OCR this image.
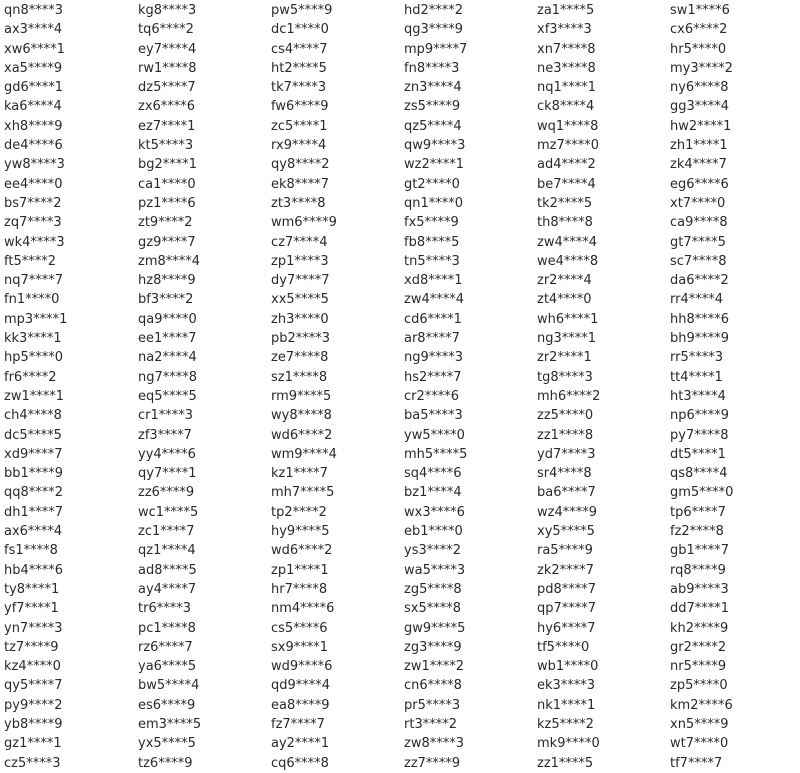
qn8****3
ax3****4
xw6****1
xa5****9
gd6****1
ka6****4
xh8****9
de4****6
yw8****3
ee4****0
bs7****2
zq7****3
wk4****3
ft5****2
nq7****7
fn1****0
mp3****1
kk3****1
hp5****0
fr6****2
zw1****1
ch4****8
dc5****5
xd9****7
bb1****9
qq8****2
dh1****7
ax6****4
fs1****8
hb4****6
ty8****1
yf7****1
yn7****3
tz7****9
kz4****0
qy5****7
py9****2
yb8****9
gz1****1
cz5****3
kg8****3
tq6****2
ey7****4
rw1****8
dz5****7
zx6****6
ez7****1
kt5****3
bg2****1
ca1****0
pz1****6
zt9****2
gz9****7
zm8****4
hz8****9
bf3****2
qa9****0
ee1****7
na2****4
ng7****8
eq5****5
cr1****3
zf3****7
yy4****6
qy7****1
zz6****9
wc1****5
zc1****7
qz1****4
ad8****5
ay4****7
tr6****3
pc1****8
rz6****7
ya6****5
bw5****4
es6****9
em3****5
yx5****5
tz6****9
pw5****9
dc1****0
cs4****7
ht2****5
tk7****3
fw6****9
zc5****1
rx9****4
qy8****2
ek8****7
zt3****8
wm6****9
cz7****4
zp1****3
dy7****7
xx5****5
zh3****0
pb2****3
ze7****8
sz1****8
rm9****5
wy8****8
wd6****2
wm9****4
kz1****7
mh7****5
tp2****2
hy9****5
wd6****2
zp1****1
hr7****8
nm4****6
cs5****6
sx9****1
wd9****6
qd9****4
ea8****9
fz7****7
ay2****1
cq6****8
hd2****2
qg3****9
mp9****7
fn8****3
zn3****4
zs5****9
qz5****4
qw9****3
wz2****1
gt2****0
qn1****0
fx5****9
fb8****5
tn5****3
xd8****1
zw4****4
cd6****1
ar8****7
ng9****3
hs2****7
cr2****6
ba5****3
yw5****0
mh5****5
sq4****6
bz1****4
wx3****6
eb1****0
ys3****2
wa5****3
zg5****8
sx5****8
gw9****5
zg3****9
zw1****2
cn6****8
pr5****3
rt3****2
zw8****3
zz7****9
za1****5
xf3****3
xn7****8
ne3****8
nq1****1
ck8****4
wq1****8
mz7****0
ad4****2
be7****4
tk2****5
th8****8
zw4****4
we4****8
zr2****4
zt4****0
wh6****1
ng3****1
zr2****1
tg8****3
mh6****2
zz5****0
zz1****8
yd7****3
sr4****8
ba6****7
wz4****9
xy5****5
ra5****9
zk2****7
pd8****7
qp7****7
hy6****7
tf5****0
wb1****0
ek3****3
nk1****1
kz5****2
mk9****0
zz1****5
sw1****6
cx6****2
hr5****0
my3****2
ny6****8
gg3****4
hw2****1
zh1****1
zk4****7
eg6****6
xt7****0
ca9****8
gt7****5
sc7****8
da6****2
rr4****4
hh8****6
bh9****9
rr5****3
tt4****1
ht3****4
np6****9
py7****8
dt5****1
qs8****4
gm5****0
tp6****7
fz2****8
gb1****7
rq8****9
ab9****3
dd7****1
kh2****9
gr2****2
nr5****9
zp5****0
km2****6
xn5****9
wt7****0
tf7****7
